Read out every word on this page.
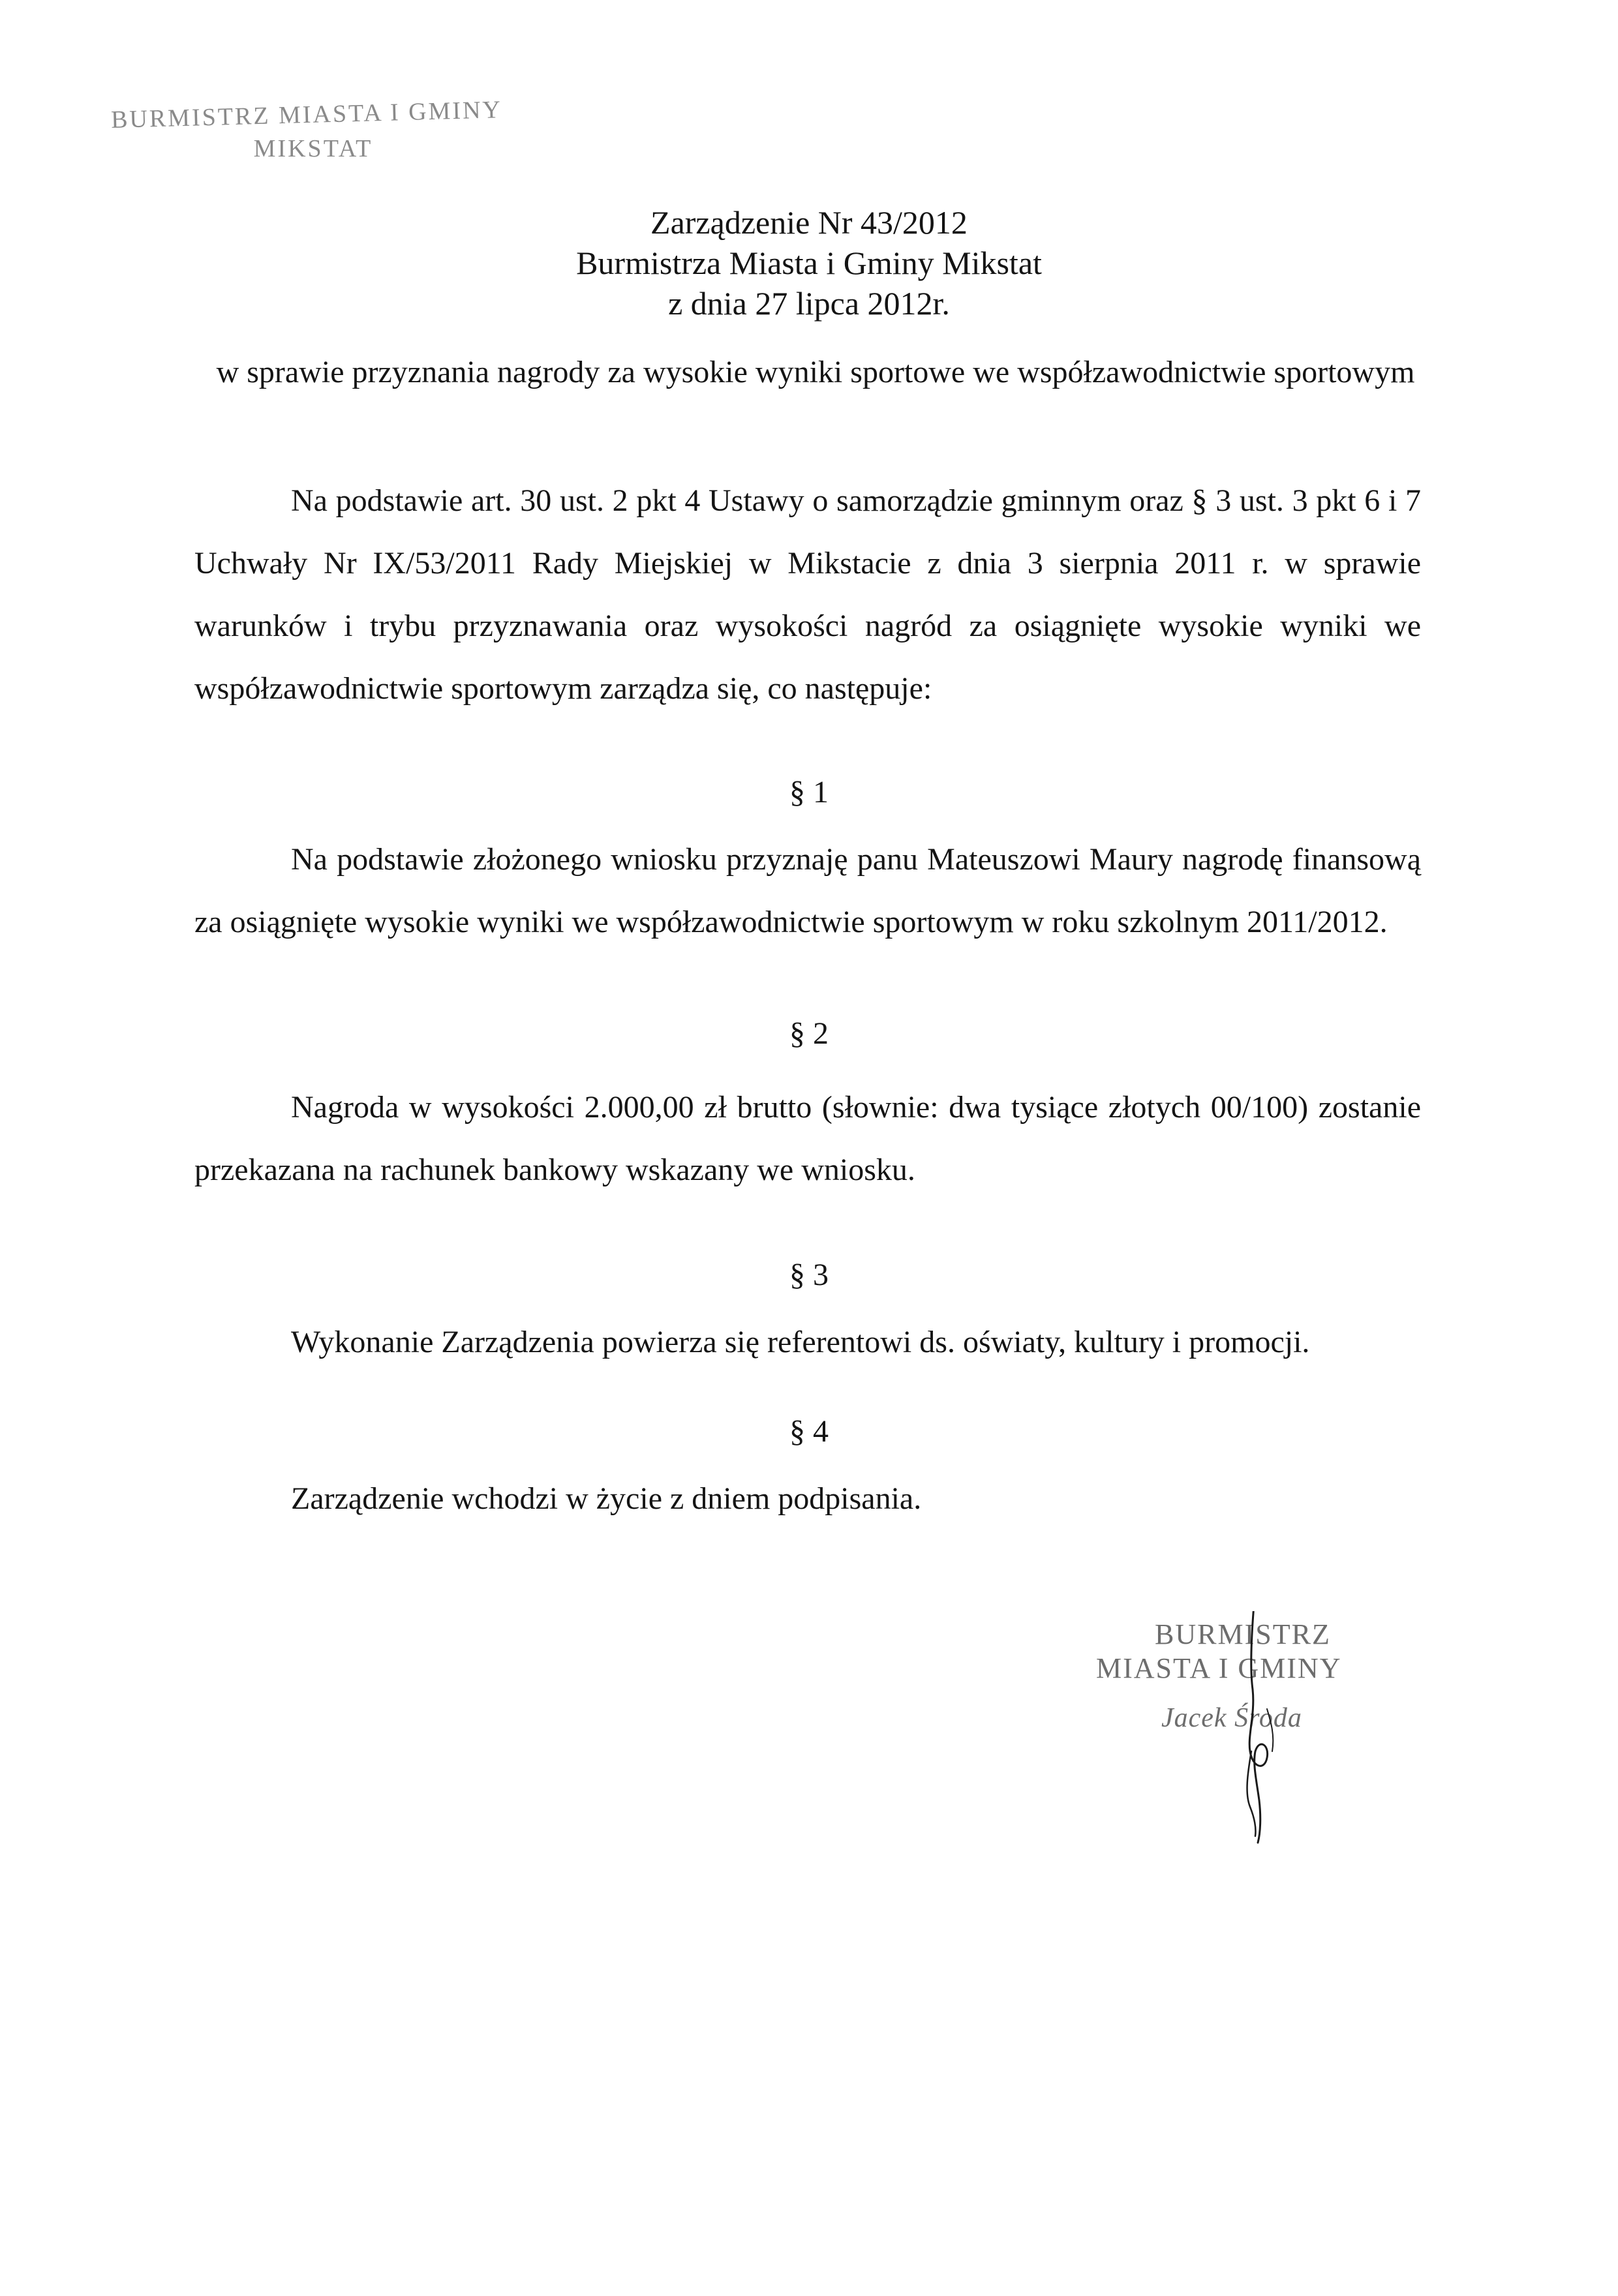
BURMISTRZ MIASTA I GMINY
MIKSTAT
Zarządzenie Nr 43/2012
Burmistrza Miasta i Gminy Mikstat
z dnia 27 lipca 2012r.
w sprawie przyznania nagrody za wysokie wyniki sportowe we współzawodnictwie sportowym
Na podstawie art. 30 ust. 2 pkt 4 Ustawy o samorządzie gminnym oraz § 3 ust. 3 pkt 6 i 7 Uchwały Nr IX/53/2011 Rady Miejskiej w Mikstacie z dnia 3 sierpnia 2011 r. w sprawie warunków i trybu przyznawania oraz wysokości nagród za osiągnięte wysokie wyniki we współzawodnictwie sportowym zarządza się, co następuje:
§ 1
Na podstawie złożonego wniosku przyznaję panu Mateuszowi Maury nagrodę finansową za osiągnięte wysokie wyniki we współzawodnictwie sportowym w roku szkolnym 2011/2012.
§ 2
Nagroda w wysokości 2.000,00 zł brutto (słownie: dwa tysiące złotych 00/100) zostanie przekazana na rachunek bankowy wskazany we wniosku.
§ 3
Wykonanie Zarządzenia powierza się referentowi ds. oświaty, kultury i promocji.
§ 4
Zarządzenie wchodzi w życie z dniem podpisania.
BURMISTRZ
MIASTA I GMINY
Jacek Środa
